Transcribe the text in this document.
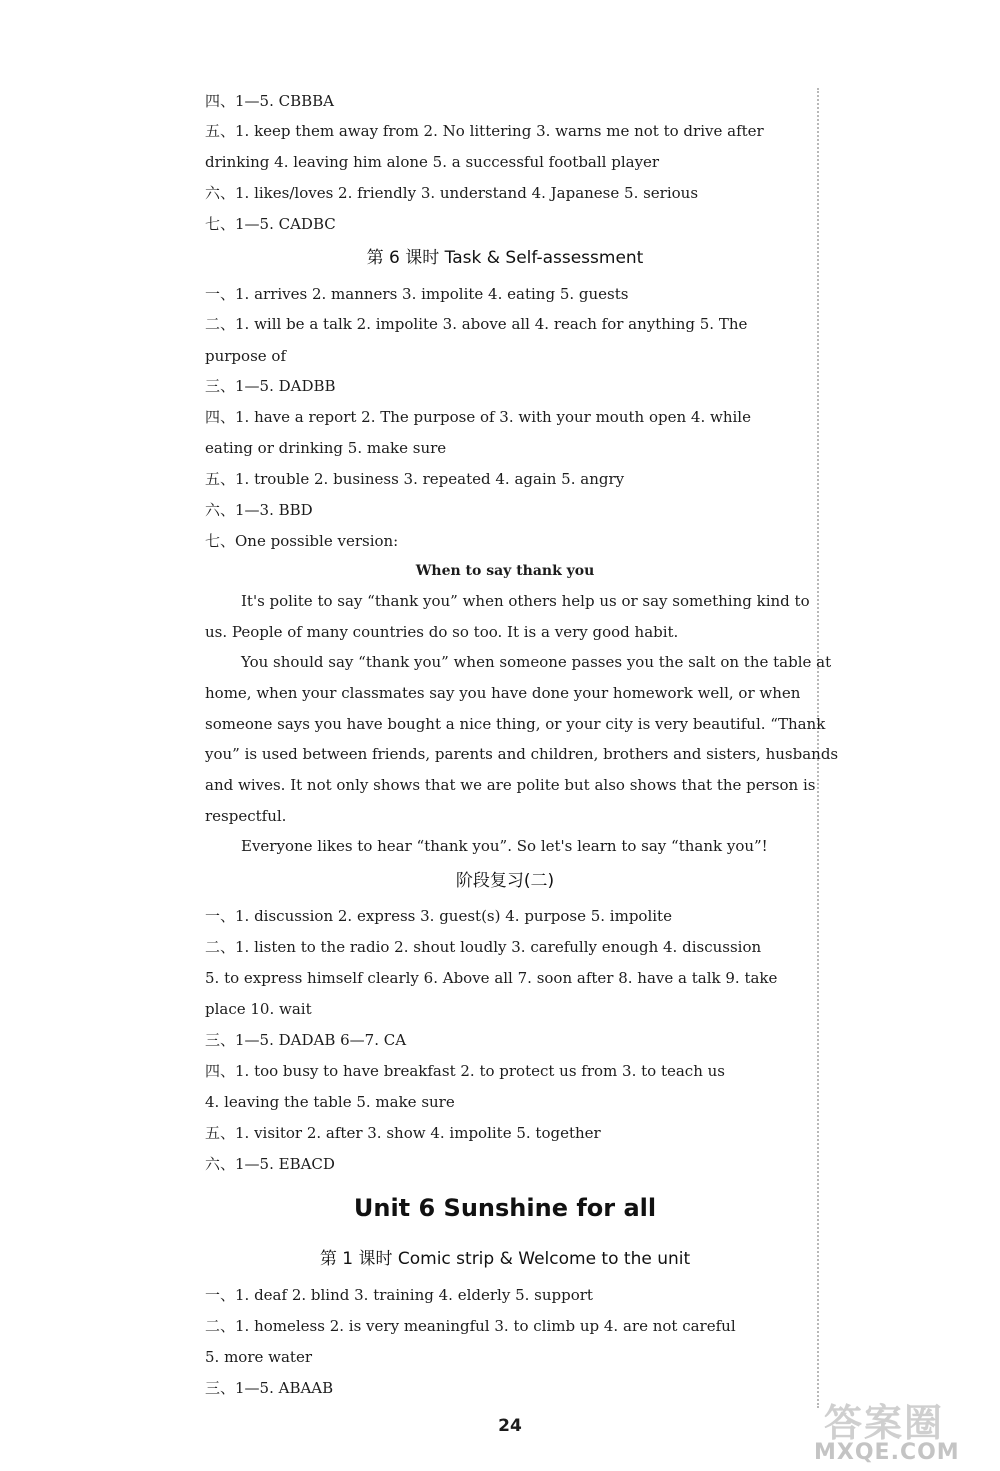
四、1—5. CBBBA
五、1. keep them away from 2. No littering 3. warns me not to drive after
drinking 4. leaving him alone 5. a successful football player
六、1. likes/loves 2. friendly 3. understand 4. Japanese 5. serious
七、1—5. CADBC
第 6 课时 Task & Self-assessment
一、1. arrives 2. manners 3. impolite 4. eating 5. guests
二、1. will be a talk 2. impolite 3. above all 4. reach for anything 5. The
purpose of
三、1—5. DADBB
四、1. have a report 2. The purpose of 3. with your mouth open 4. while
eating or drinking 5. make sure
五、1. trouble 2. business 3. repeated 4. again 5. angry
六、1—3. BBD
七、One possible version:
When to say thank you
It's polite to say “thank you” when others help us or say something kind to
us. People of many countries do so too. It is a very good habit.
You should say “thank you” when someone passes you the salt on the table at
home, when your classmates say you have done your homework well, or when
someone says you have bought a nice thing, or your city is very beautiful. “Thank
you” is used between friends, parents and children, brothers and sisters, husbands
and wives. It not only shows that we are polite but also shows that the person is
respectful.
Everyone likes to hear “thank you”. So let's learn to say “thank you”!
阶段复习(二)
一、1. discussion 2. express 3. guest(s) 4. purpose 5. impolite
二、1. listen to the radio 2. shout loudly 3. carefully enough 4. discussion
5. to express himself clearly 6. Above all 7. soon after 8. have a talk 9. take
place 10. wait
三、1—5. DADAB 6—7. CA
四、1. too busy to have breakfast 2. to protect us from 3. to teach us
4. leaving the table 5. make sure
五、1. visitor 2. after 3. show 4. impolite 5. together
六、1—5. EBACD
Unit 6 Sunshine for all
第 1 课时 Comic strip & Welcome to the unit
一、1. deaf 2. blind 3. training 4. elderly 5. support
二、1. homeless 2. is very meaningful 3. to climb up 4. are not careful
5. more water
三、1—5. ABAAB
24	答案圈
MXQE.COM
